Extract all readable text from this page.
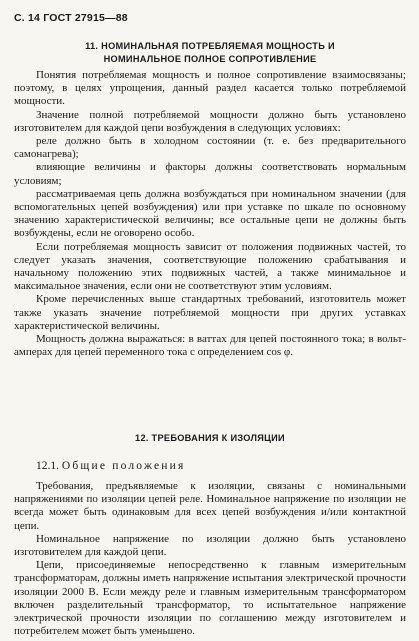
С. 14 ГОСТ 27915—88
11. НОМИНАЛЬНАЯ ПОТРЕБЛЯЕМАЯ МОЩНОСТЬ И
НОМИНАЛЬНОЕ ПОЛНОЕ СОПРОТИВЛЕНИЕ

Понятия потребляемая мощность и полное сопротивление взаимосвязаны; поэтому, в целях упрощения, данный раздел касается только потребляемой мощности.

Значение полной потребляемой мощности должно быть установлено изготовителем для каждой цепи возбуждения в следующих условиях:

реле должно быть в холодном состоянии (т. е. без предварительного самонагрева);

влияющие величины и факторы должны соответствовать нормальным условиям;

рассматриваемая цепь должна возбуждаться при номинальном значении (для вспомогательных цепей возбуждения) или при уставке по шкале по основному значению характеристической величины; все остальные цепи не должны быть возбуждены, если не оговорено особо.

Если потребляемая мощность зависит от положения подвижных частей, то следует указать значения, соответствующие положению срабатывания и начальному положению этих подвижных частей, а также минимальное и максимальное значения, если они не соответствуют этим условиям.

Кроме перечисленных выше стандартных требований, изготовитель может также указать значение потребляемой мощности при других уставках характеристической величины.

Мощность должна выражаться: в ваттах для цепей постоянного тока; в вольт-амперах для цепей переменного тока с определением cos φ.

12. ТРЕБОВАНИЯ К ИЗОЛЯЦИИ
12.1. Общие положения

Требования, предъявляемые к изоляции, связаны с номинальными напряжениями по изоляции цепей реле. Номинальное напряжение по изоляции не всегда может быть одинаковым для всех цепей возбуждения и/или контактной цепи.

Номинальное напряжение по изоляции должно быть установлено изготовителем для каждой цепи.

Цепи, присоединяемые непосредственно к главным измерительным трансформаторам, должны иметь напряжение испытания электрической прочности изоляции 2000 В. Если между реле и главным измерительным трансформатором включен разделительный трансформатор, то испытательное напряжение электрической прочности изоляции по соглашению между изготовителем и потребителем может быть уменьшено.
